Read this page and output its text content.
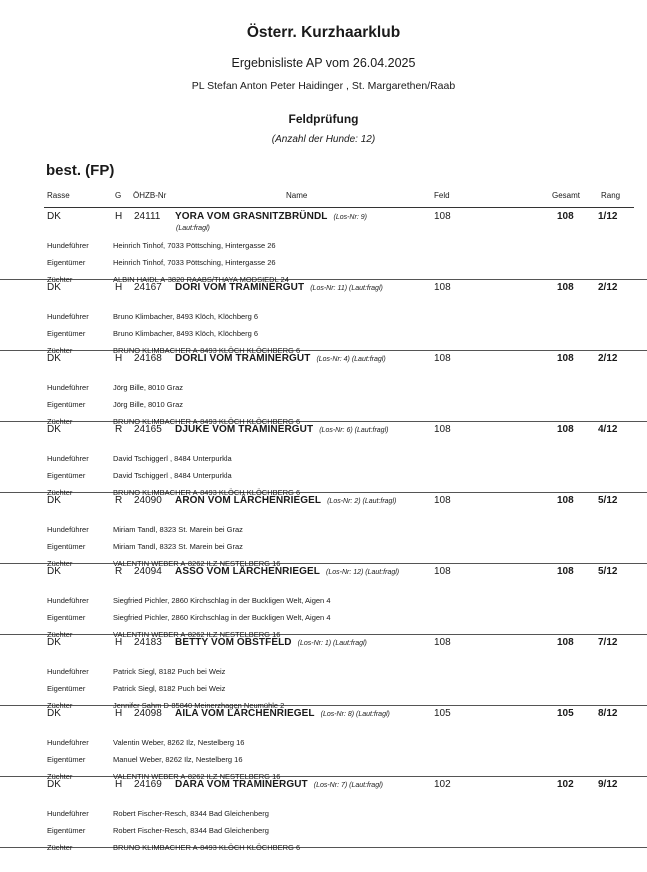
Österr. Kurzhaarklub
Ergebnisliste AP vom 26.04.2025
PL Stefan Anton Peter Haidinger , St. Margarethen/Raab
Feldprüfung
(Anzahl der Hunde: 12)
best. (FP)
Rasse	G ÖHZB-Nr	Name	Feld	Gesamt	Rang
DK	H 24111 YORA VOM GRASNITZBRÜNDL (Los-Nr: 9)	108	108 1/12
(Laut:fragl)
Hundeführer	Heinrich Tinhof, 7033 Pöttsching, Hintergasse 26
Eigentümer	Heinrich Tinhof, 7033 Pöttsching, Hintergasse 26
Züchter	ALBIN HAIDL A-3820 RAABS/THAYA MODSIEDL 24
DK	H 24167 DORI VOM TRAMINERGUT (Los-Nr: 11) (Laut:fragl)	108	108 2/12
Hundeführer	Bruno Klimbacher, 8493 Klöch, Klöchberg 6
Eigentümer	Bruno Klimbacher, 8493 Klöch, Klöchberg 6
Züchter	BRUNO KLIMBACHER A-8493 KLÖCH KLÖCHBERG 6
DK	H 24168 DORLI VOM TRAMINERGUT (Los-Nr: 4) (Laut:fragl)	108	108 2/12
Hundeführer	Jörg Bille, 8010 Graz
Eigentümer	Jörg Bille, 8010 Graz
Züchter	BRUNO KLIMBACHER A-8493 KLÖCH KLÖCHBERG 6
DK	R 24165 DJUKE VOM TRAMINERGUT (Los-Nr: 6) (Laut:fragl)	108	108 4/12
Hundeführer	David Tschiggerl , 8484 Unterpurkla
Eigentümer	David Tschiggerl , 8484 Unterpurkla
Züchter	BRUNO KLIMBACHER A-8493 KLÖCH KLÖCHBERG 6
DK	R 24090 ARON VOM LÄRCHENRIEGEL (Los-Nr: 2) (Laut:fragl)	108	108 5/12
Hundeführer	Miriam Tandl, 8323 St. Marein bei Graz
Eigentümer	Miriam Tandl, 8323 St. Marein bei Graz
Züchter	VALENTIN WEBER A-8262 ILZ NESTELBERG 16
DK	R 24094 ASSO VOM LÄRCHENRIEGEL (Los-Nr: 12) (Laut:fragl)	108	108 5/12
Hundeführer	Siegfried Pichler, 2860 Kirchschlag in der Buckligen Welt, Aigen 4
Eigentümer	Siegfried Pichler, 2860 Kirchschlag in der Buckligen Welt, Aigen 4
Züchter	VALENTIN WEBER A-8262 ILZ NESTELBERG 16
DK	H 24183 BETTY VOM OBSTFELD (Los-Nr: 1) (Laut:fragl)	108	108 7/12
Hundeführer	Patrick Siegl, 8182 Puch bei Weiz
Eigentümer	Patrick Siegl, 8182 Puch bei Weiz
Züchter	Jennifer Sahm D-85840 Meinerzhagen Neumühle 2
DK	H 24098 AILA VOM LÄRCHENRIEGEL (Los-Nr: 8) (Laut:fragl)	105	105 8/12
Hundeführer	Valentin Weber, 8262 Ilz, Nestelberg 16
Eigentümer	Manuel Weber, 8262 Ilz, Nestelberg 16
Züchter	VALENTIN WEBER A-8262 ILZ NESTELBERG 16
DK	H 24169 DARA VOM TRAMINERGUT (Los-Nr: 7) (Laut:fragl)	102	102 9/12
Hundeführer	Robert Fischer-Resch, 8344 Bad Gleichenberg
Eigentümer	Robert Fischer-Resch, 8344 Bad Gleichenberg
Züchter	BRUNO KLIMBACHER A-8493 KLÖCH KLÖCHBERG 6
